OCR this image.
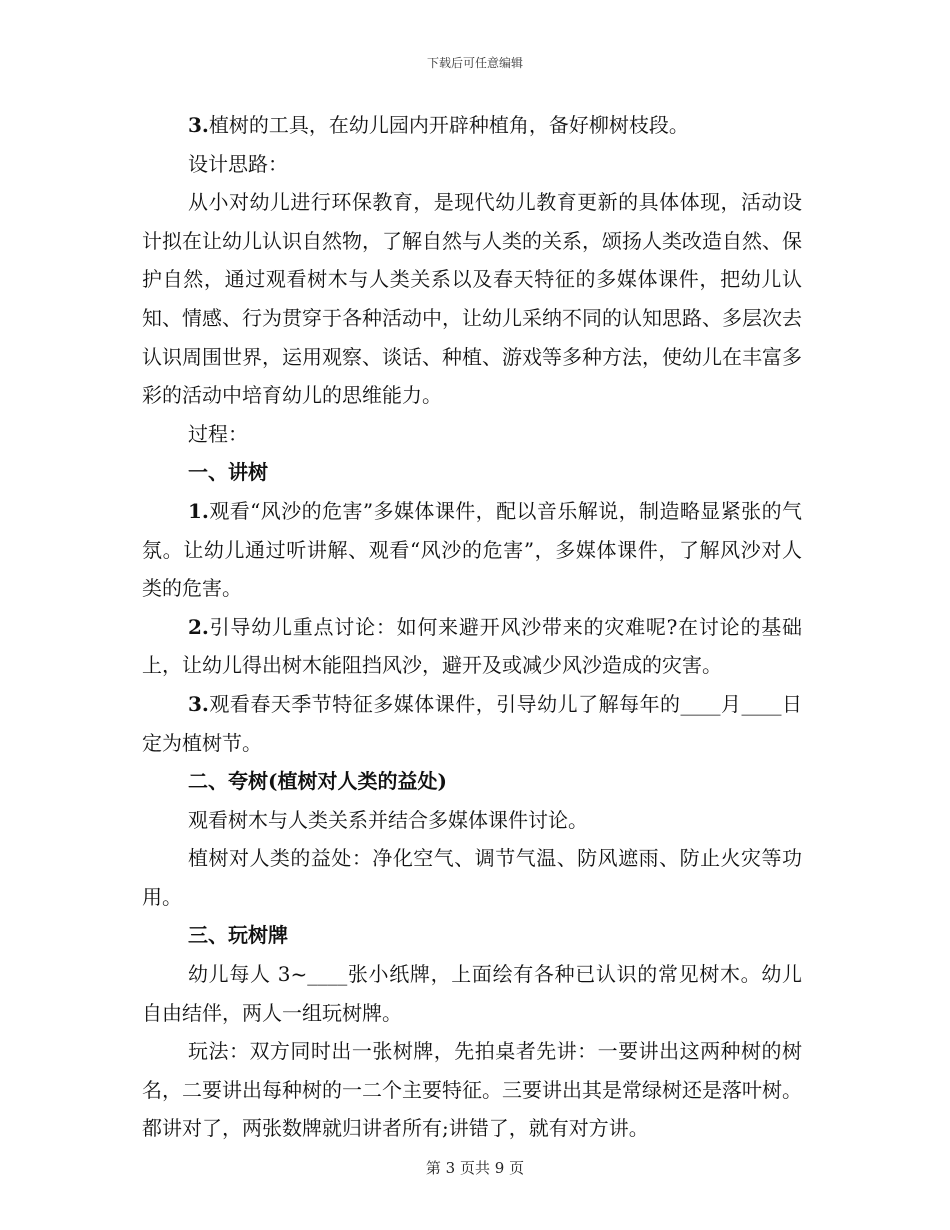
下载后可任意编辑

3.植树的工具，在幼儿园内开辟种植角，备好柳树枝段。

设计思路：

从小对幼儿进行环保教育，是现代幼儿教育更新的具体体现，活动设计拟在让幼儿认识自然物，了解自然与人类的关系，颂扬人类改造自然、保护自然，通过观看树木与人类关系以及春天特征的多媒体课件，把幼儿认知、情感、行为贯穿于各种活动中，让幼儿采纳不同的认知思路、多层次去认识周围世界，运用观察、谈话、种植、游戏等多种方法，使幼儿在丰富多彩的活动中培育幼儿的思维能力。

过程：

一、讲树

1.观看“风沙的危害”多媒体课件，配以音乐解说，制造略显紧张的气氛。让幼儿通过听讲解、观看“风沙的危害”，多媒体课件，了解风沙对人类的危害。

2.引导幼儿重点讨论：如何来避开风沙带来的灾难呢?在讨论的基础上，让幼儿得出树木能阻挡风沙，避开及或减少风沙造成的灾害。

3.观看春天季节特征多媒体课件，引导幼儿了解每年的____月____日定为植树节。

二、夸树(植树对人类的益处)

观看树木与人类关系并结合多媒体课件讨论。

植树对人类的益处：净化空气、调节气温、防风遮雨、防止火灾等功用。

三、玩树牌

幼儿每人 3~____张小纸牌，上面绘有各种已认识的常见树木。幼儿自由结伴，两人一组玩树牌。

玩法：双方同时出一张树牌，先拍桌者先讲：一要讲出这两种树的树名，二要讲出每种树的一二个主要特征。三要讲出其是常绿树还是落叶树。都讲对了，两张数牌就归讲者所有;讲错了，就有对方讲。

第 3 页共 9 页
